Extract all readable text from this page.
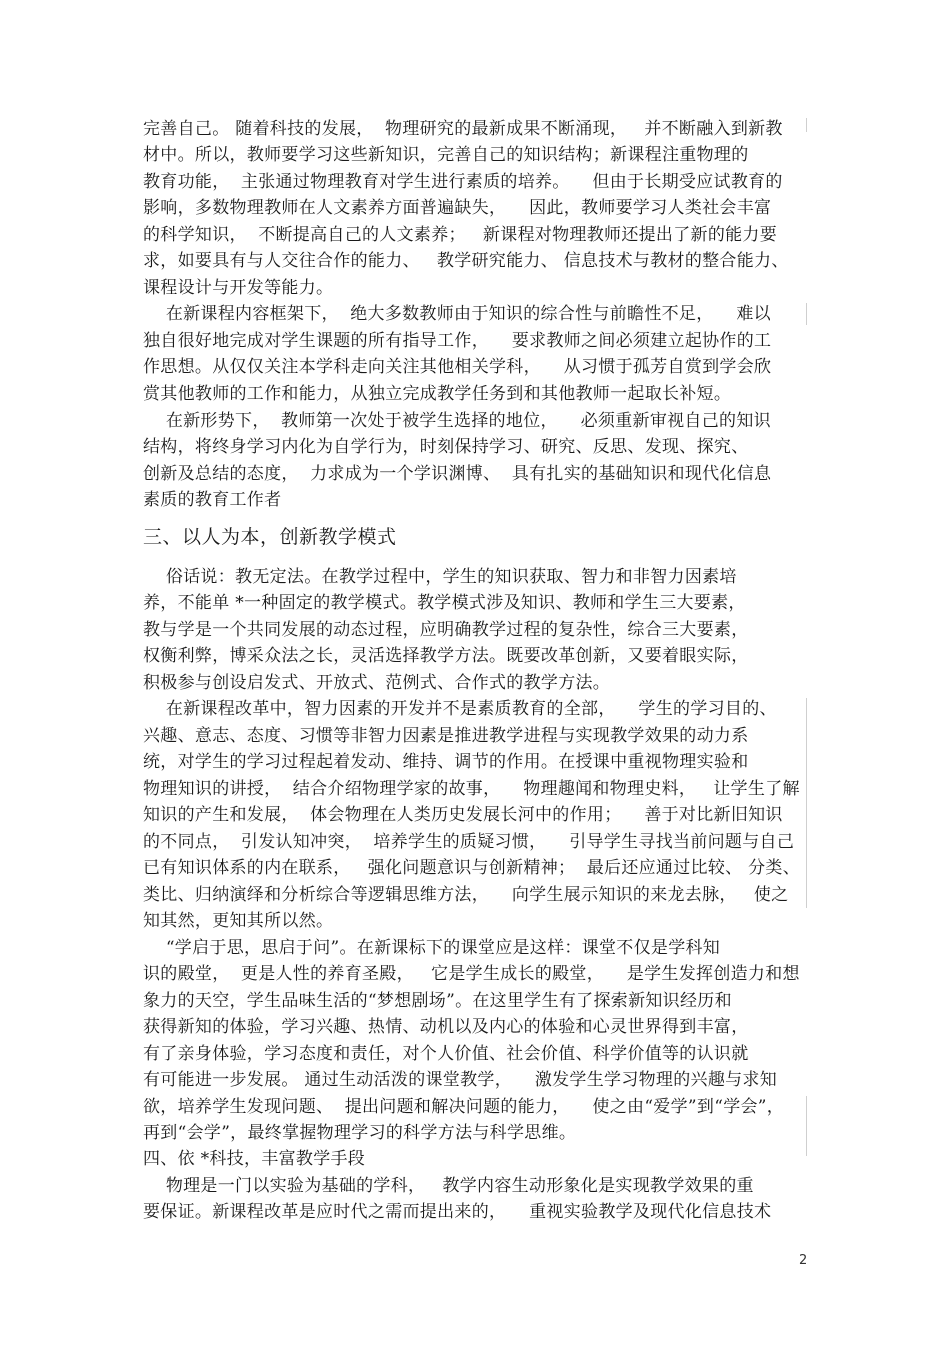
完善自己。 随着科技的发展，  物理研究的最新成果不断涌现，   并不断融入到新教
材中。所以，教师要学习这些新知识，完善自己的知识结构；新课程注重物理的
教育功能，  主张通过物理教育对学生进行素质的培养。    但由于长期受应试教育的
影响，多数物理教师在人文素养方面普遍缺失，    因此，教师要学习人类社会丰富
的科学知识，  不断提高自己的人文素养；   新课程对物理教师还提出了新的能力要
求，如要具有与人交往合作的能力、   教学研究能力、 信息技术与教材的整合能力、
课程设计与开发等能力。
在新课程内容框架下，  绝大多数教师由于知识的综合性与前瞻性不足，    难以
独自很好地完成对学生课题的所有指导工作，    要求教师之间必须建立起协作的工
作思想。从仅仅关注本学科走向关注其他相关学科，    从习惯于孤芳自赏到学会欣
赏其他教师的工作和能力，从独立完成教学任务到和其他教师一起取长补短。
在新形势下，  教师第一次处于被学生选择的地位，    必须重新审视自己的知识
结构，将终身学习内化为自学行为，时刻保持学习、研究、反思、发现、探究、
创新及总结的态度，  力求成为一个学识渊博、  具有扎实的基础知识和现代化信息
素质的教育工作者
三、以人为本，创新教学模式
俗话说：教无定法。在教学过程中，学生的知识获取、智力和非智力因素培
养，不能单 *一种固定的教学模式。教学模式涉及知识、教师和学生三大要素，
教与学是一个共同发展的动态过程，应明确教学过程的复杂性，综合三大要素，
权衡利弊，博采众法之长，灵活选择教学方法。既要改革创新，又要着眼实际，
积极参与创设启发式、开放式、范例式、合作式的教学方法。
在新课程改革中，智力因素的开发并不是素质教育的全部，    学生的学习目的、
兴趣、意志、态度、习惯等非智力因素是推进教学进程与实现教学效果的动力系
统，对学生的学习过程起着发动、维持、调节的作用。在授课中重视物理实验和
物理知识的讲授，  结合介绍物理学家的故事，    物理趣闻和物理史料，   让学生了解
知识的产生和发展，  体会物理在人类历史发展长河中的作用；    善于对比新旧知识
的不同点，  引发认知冲突，  培养学生的质疑习惯，    引导学生寻找当前问题与自己
已有知识体系的内在联系，   强化问题意识与创新精神；  最后还应通过比较、 分类、
类比、归纳演绎和分析综合等逻辑思维方法，    向学生展示知识的来龙去脉，   使之
知其然，更知其所以然。
“学启于思，思启于问”。在新课标下的课堂应是这样：课堂不仅是学科知
识的殿堂，  更是人性的养育圣殿，   它是学生成长的殿堂，    是学生发挥创造力和想
象力的天空，学生品味生活的“梦想剧场”。在这里学生有了探索新知识经历和
获得新知的体验，学习兴趣、热情、动机以及内心的体验和心灵世界得到丰富，
有了亲身体验，学习态度和责任，对个人价值、社会价值、科学价值等的认识就
有可能进一步发展。 通过生动活泼的课堂教学，    激发学生学习物理的兴趣与求知
欲，培养学生发现问题、  提出问题和解决问题的能力，    使之由“爱学”到“学会”，
再到“会学”，最终掌握物理学习的科学方法与科学思维。
四、依 *科技，丰富教学手段
物理是一门以实验为基础的学科，   教学内容生动形象化是实现教学效果的重
要保证。新课程改革是应时代之需而提出来的，    重视实验教学及现代化信息技术
2
